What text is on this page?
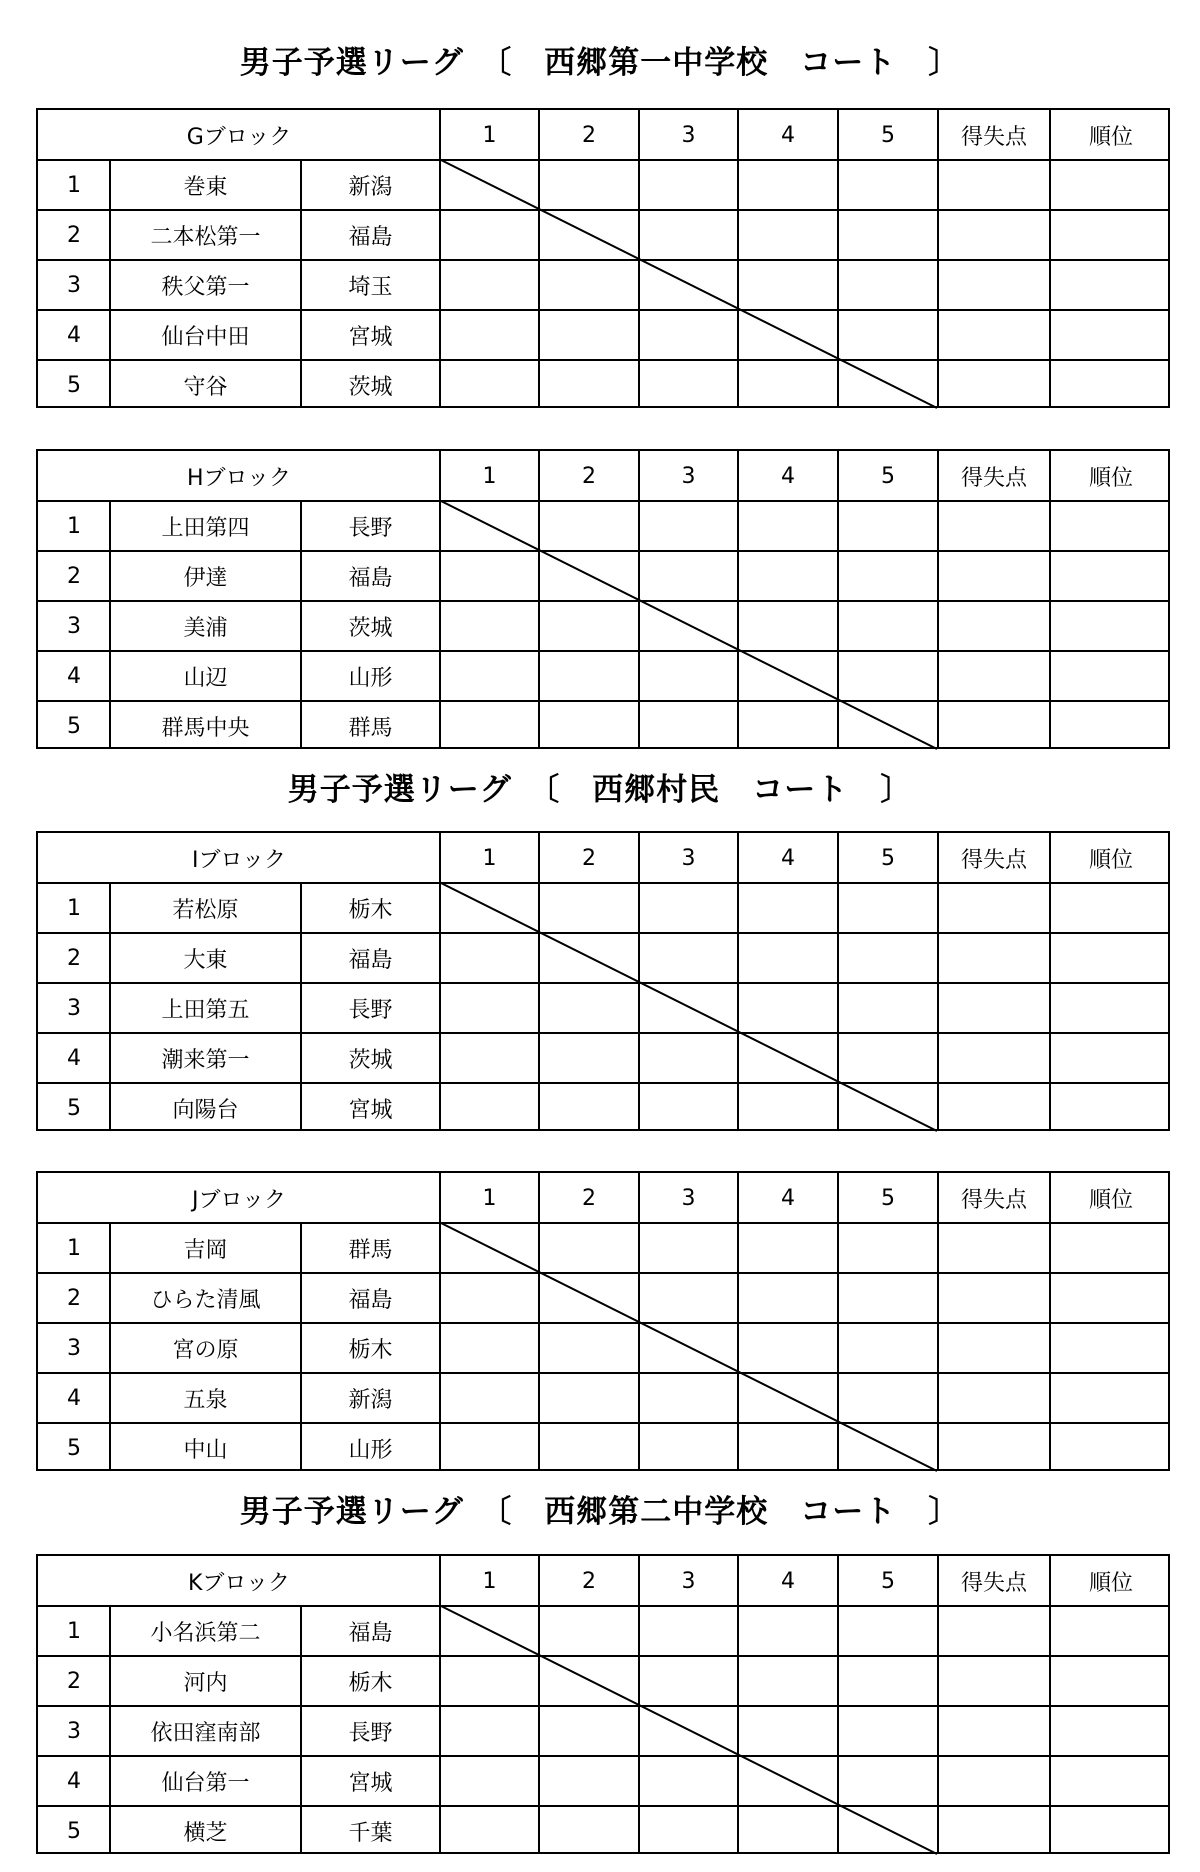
男子予選リーグ　〔　西郷第一中学校　コート　〕
Gブロック	1	2	3	4	5	得失点	順位
1	巻東	新潟
2	二本松第一	福島
3	秩父第一	埼玉
4	仙台中田	宮城
5	守谷	茨城
Hブロック	1	2	3	4	5	得失点	順位
1	上田第四	長野
2	伊達	福島
3	美浦	茨城
4	山辺	山形
5	群馬中央	群馬
男子予選リーグ　〔　西郷村民　コート　〕
Iブロック	1	2	3	4	5	得失点	順位
1	若松原	栃木
2	大東	福島
3	上田第五	長野
4	潮来第一	茨城
5	向陽台	宮城
Jブロック	1	2	3	4	5	得失点	順位
1	吉岡	群馬
2	ひらた清風	福島
3	宮の原	栃木
4	五泉	新潟
5	中山	山形
男子予選リーグ　〔　西郷第二中学校　コート　〕
Kブロック	1	2	3	4	5	得失点	順位
1	小名浜第二	福島
2	河内	栃木
3	依田窪南部	長野
4	仙台第一	宮城
5	横芝	千葉
